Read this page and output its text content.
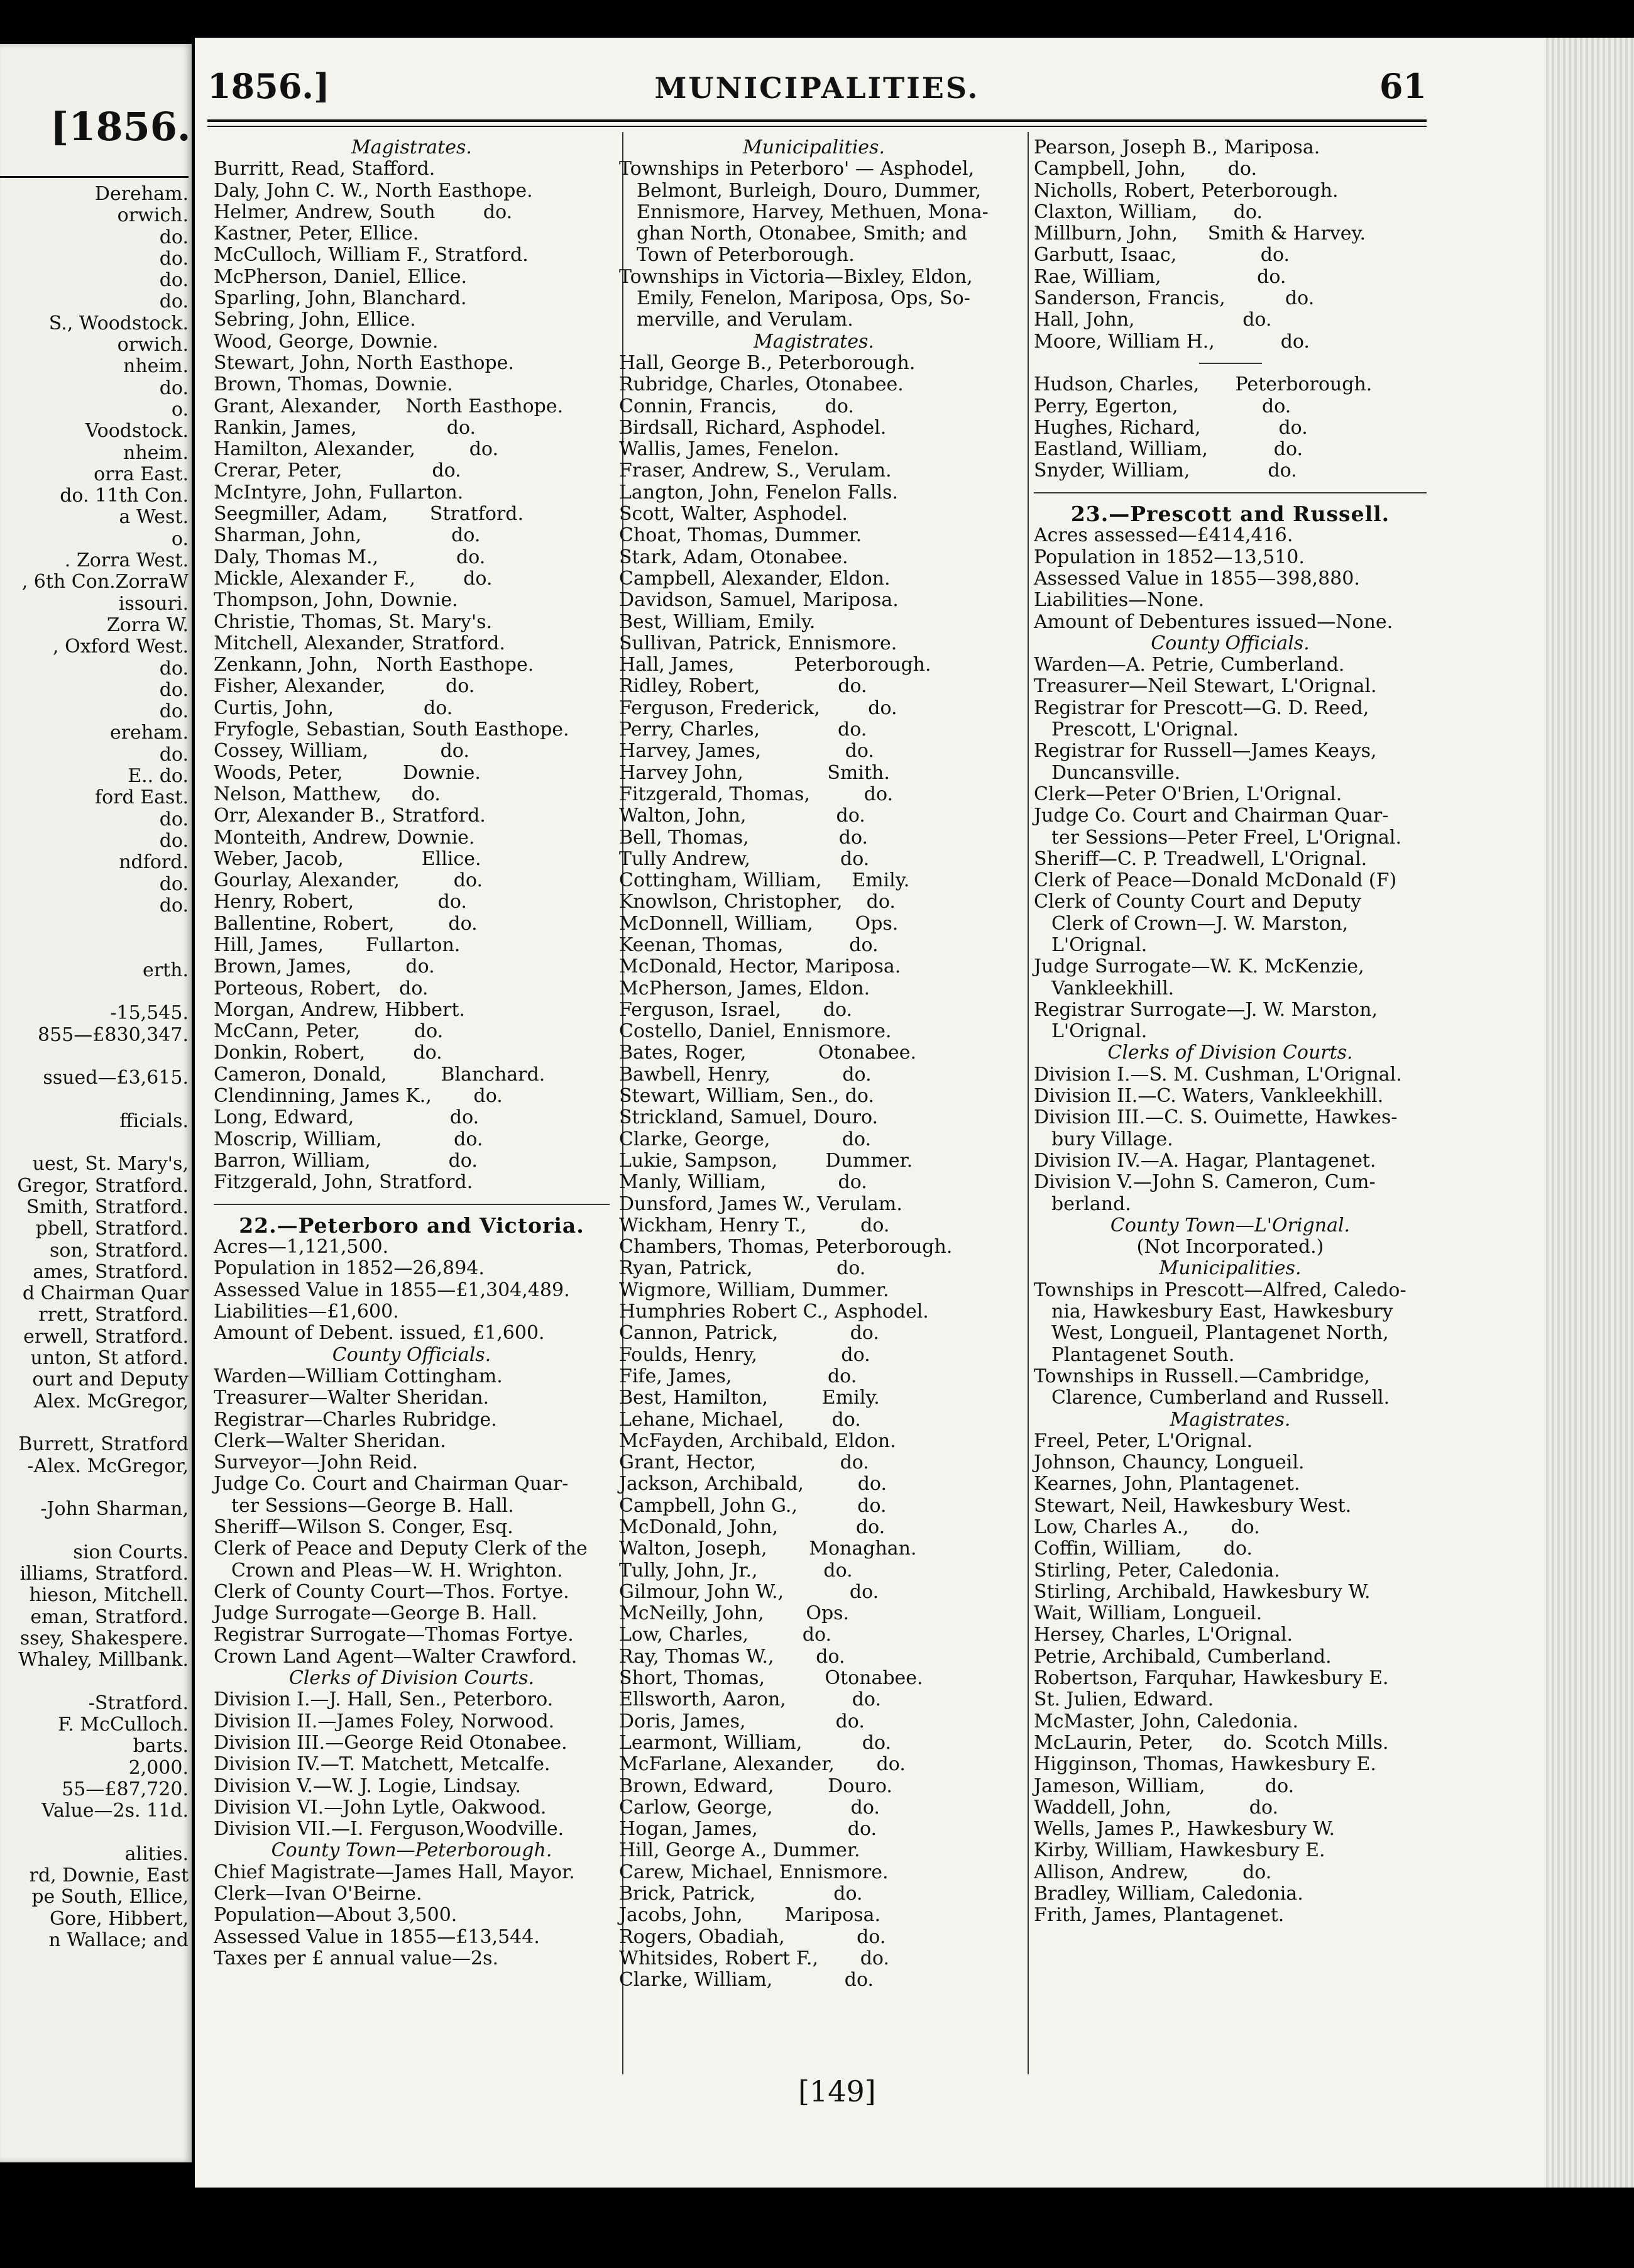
[1856.
Dereham.
orwich.
do.
do.
do.
do.
S., Woodstock.
orwich.
nheim.
do.
o.
Voodstock.
nheim.
orra East.
do. 11th Con.
a West.
o.
. Zorra West.
, 6th Con.ZorraW
issouri.
Zorra W.
, Oxford West.
do.
do.
do.
ereham.
do.
E.. do.
ford East.
do.
do.
ndford.
do.
do.
erth.
-15,545.
855—£830,347.
ssued—£3,615.
fficials.
uest, St. Mary's,
Gregor, Stratford.
Smith, Stratford.
pbell, Stratford.
son, Stratford.
ames, Stratford.
d Chairman Quar
rrett, Stratford.
erwell, Stratford.
unton, St atford.
ourt and Deputy
Alex. McGregor,
Burrett, Stratford
-Alex. McGregor,
-John Sharman,
sion Courts.
illiams, Stratford.
hieson, Mitchell.
eman, Stratford.
ssey, Shakespere.
Whaley, Millbank.
-Stratford.
F. McCulloch.
barts.
2,000.
55—£87,720.
Value—2s. 11d.
alities.
rd, Downie, East
pe South, Ellice,
Gore, Hibbert,
n Wallace; and
1856.]	MUNICIPALITIES.	61
Magistrates.
Burritt, Read, Stafford.
Daly, John C. W., North Easthope.
Helmer, Andrew, South        do.
Kastner, Peter, Ellice.
McCulloch, William F., Stratford.
McPherson, Daniel, Ellice.
Sparling, John, Blanchard.
Sebring, John, Ellice.
Wood, George, Downie.
Stewart, John, North Easthope.
Brown, Thomas, Downie.
Grant, Alexander,    North Easthope.
Rankin, James,               do.
Hamilton, Alexander,         do.
Crerar, Peter,               do.
McIntyre, John, Fullarton.
Seegmiller, Adam,       Stratford.
Sharman, John,               do.
Daly, Thomas M.,             do.
Mickle, Alexander F.,        do.
Thompson, John, Downie.
Christie, Thomas, St. Mary's.
Mitchell, Alexander, Stratford.
Zenkann, John,   North Easthope.
Fisher, Alexander,          do.
Curtis, John,               do.
Fryfogle, Sebastian, South Easthope.
Cossey, William,            do.
Woods, Peter,          Downie.
Nelson, Matthew,     do.
Orr, Alexander B., Stratford.
Monteith, Andrew, Downie.
Weber, Jacob,             Ellice.
Gourlay, Alexander,         do.
Henry, Robert,              do.
Ballentine, Robert,         do.
Hill, James,       Fullarton.
Brown, James,         do.
Porteous, Robert,   do.
Morgan, Andrew, Hibbert.
McCann, Peter,         do.
Donkin, Robert,        do.
Cameron, Donald,         Blanchard.
Clendinning, James K.,       do.
Long, Edward,                do.
Moscrip, William,            do.
Barron, William,             do.
Fitzgerald, John, Stratford.
22.—Peterboro and Victoria.
Acres—1,121,500.
Population in 1852—26,894.
Assessed Value in 1855—£1,304,489.
Liabilities—£1,600.
Amount of Debent. issued, £1,600.
County Officials.
Warden—William Cottingham.
Treasurer—Walter Sheridan.
Registrar—Charles Rubridge.
Clerk—Walter Sheridan.
Surveyor—John Reid.
Judge Co. Court and Chairman Quar-
ter Sessions—George B. Hall.
Sheriff—Wilson S. Conger, Esq.
Clerk of Peace and Deputy Clerk of the
Crown and Pleas—W. H. Wrighton.
Clerk of County Court—Thos. Fortye.
Judge Surrogate—George B. Hall.
Registrar Surrogate—Thomas Fortye.
Crown Land Agent—Walter Crawford.
Clerks of Division Courts.
Division I.—J. Hall, Sen., Peterboro.
Division II.—James Foley, Norwood.
Division III.—George Reid Otonabee.
Division IV.—T. Matchett, Metcalfe.
Division V.—W. J. Logie, Lindsay.
Division VI.—John Lytle, Oakwood.
Division VII.—I. Ferguson,Woodville.
County Town—Peterborough.
Chief Magistrate—James Hall, Mayor.
Clerk—Ivan O'Beirne.
Population—About 3,500.
Assessed Value in 1855—£13,544.
Taxes per £ annual value—2s.
Municipalities.
Townships in Peterboro' — Asphodel,
Belmont, Burleigh, Douro, Dummer,
Ennismore, Harvey, Methuen, Mona-
ghan North, Otonabee, Smith; and
Town of Peterborough.
Townships in Victoria—Bixley, Eldon,
Emily, Fenelon, Mariposa, Ops, So-
merville, and Verulam.
Magistrates.
Hall, George B., Peterborough.
Rubridge, Charles, Otonabee.
Connin, Francis,        do.
Birdsall, Richard, Asphodel.
Wallis, James, Fenelon.
Fraser, Andrew, S., Verulam.
Langton, John, Fenelon Falls.
Scott, Walter, Asphodel.
Choat, Thomas, Dummer.
Stark, Adam, Otonabee.
Campbell, Alexander, Eldon.
Davidson, Samuel, Mariposa.
Best, William, Emily.
Sullivan, Patrick, Ennismore.
Hall, James,          Peterborough.
Ridley, Robert,             do.
Ferguson, Frederick,        do.
Perry, Charles,             do.
Harvey, James,              do.
Harvey John,              Smith.
Fitzgerald, Thomas,         do.
Walton, John,               do.
Bell, Thomas,               do.
Tully Andrew,               do.
Cottingham, William,     Emily.
Knowlson, Christopher,    do.
McDonnell, William,       Ops.
Keenan, Thomas,           do.
McDonald, Hector, Mariposa.
McPherson, James, Eldon.
Ferguson, Israel,       do.
Costello, Daniel, Ennismore.
Bates, Roger,            Otonabee.
Bawbell, Henry,            do.
Stewart, William, Sen., do.
Strickland, Samuel, Douro.
Clarke, George,            do.
Lukie, Sampson,        Dummer.
Manly, William,            do.
Dunsford, James W., Verulam.
Wickham, Henry T.,         do.
Chambers, Thomas, Peterborough.
Ryan, Patrick,              do.
Wigmore, William, Dummer.
Humphries Robert C., Asphodel.
Cannon, Patrick,            do.
Foulds, Henry,              do.
Fife, James,                do.
Best, Hamilton,         Emily.
Lehane, Michael,        do.
McFayden, Archibald, Eldon.
Grant, Hector,              do.
Jackson, Archibald,         do.
Campbell, John G.,          do.
McDonald, John,             do.
Walton, Joseph,       Monaghan.
Tully, John, Jr.,           do.
Gilmour, John W.,           do.
McNeilly, John,       Ops.
Low, Charles,         do.
Ray, Thomas W.,       do.
Short, Thomas,          Otonabee.
Ellsworth, Aaron,           do.
Doris, James,               do.
Learmont, William,          do.
McFarlane, Alexander,       do.
Brown, Edward,         Douro.
Carlow, George,             do.
Hogan, James,               do.
Hill, George A., Dummer.
Carew, Michael, Ennismore.
Brick, Patrick,             do.
Jacobs, John,       Mariposa.
Rogers, Obadiah,            do.
Whitsides, Robert F.,       do.
Clarke, William,            do.
Pearson, Joseph B., Mariposa.
Campbell, John,       do.
Nicholls, Robert, Peterborough.
Claxton, William,      do.
Millburn, John,     Smith & Harvey.
Garbutt, Isaac,              do.
Rae, William,                do.
Sanderson, Francis,          do.
Hall, John,                  do.
Moore, William H.,           do.
Hudson, Charles,      Peterborough.
Perry, Egerton,              do.
Hughes, Richard,             do.
Eastland, William,           do.
Snyder, William,             do.
23.—Prescott and Russell.
Acres assessed—£414,416.
Population in 1852—13,510.
Assessed Value in 1855—398,880.
Liabilities—None.
Amount of Debentures issued—None.
County Officials.
Warden—A. Petrie, Cumberland.
Treasurer—Neil Stewart, L'Orignal.
Registrar for Prescott—G. D. Reed,
Prescott, L'Orignal.
Registrar for Russell—James Keays,
Duncansville.
Clerk—Peter O'Brien, L'Orignal.
Judge Co. Court and Chairman Quar-
ter Sessions—Peter Freel, L'Orignal.
Sheriff—C. P. Treadwell, L'Orignal.
Clerk of Peace—Donald McDonald (F)
Clerk of County Court and Deputy
Clerk of Crown—J. W. Marston,
L'Orignal.
Judge Surrogate—W. K. McKenzie,
Vankleekhill.
Registrar Surrogate—J. W. Marston,
L'Orignal.
Clerks of Division Courts.
Division I.—S. M. Cushman, L'Orignal.
Division II.—C. Waters, Vankleekhill.
Division III.—C. S. Ouimette, Hawkes-
bury Village.
Division IV.—A. Hagar, Plantagenet.
Division V.—John S. Cameron, Cum-
berland.
County Town—L'Orignal.
(Not Incorporated.)
Municipalities.
Townships in Prescott—Alfred, Caledo-
nia, Hawkesbury East, Hawkesbury
West, Longueil, Plantagenet North,
Plantagenet South.
Townships in Russell.—Cambridge,
Clarence, Cumberland and Russell.
Magistrates.
Freel, Peter, L'Orignal.
Johnson, Chauncy, Longueil.
Kearnes, John, Plantagenet.
Stewart, Neil, Hawkesbury West.
Low, Charles A.,       do.
Coffin, William,       do.
Stirling, Peter, Caledonia.
Stirling, Archibald, Hawkesbury W.
Wait, William, Longueil.
Hersey, Charles, L'Orignal.
Petrie, Archibald, Cumberland.
Robertson, Farquhar, Hawkesbury E.
St. Julien, Edward.
McMaster, John, Caledonia.
McLaurin, Peter,     do.  Scotch Mills.
Higginson, Thomas, Hawkesbury E.
Jameson, William,          do.
Waddell, John,             do.
Wells, James P., Hawkesbury W.
Kirby, William, Hawkesbury E.
Allison, Andrew,         do.
Bradley, William, Caledonia.
Frith, James, Plantagenet.
[149]
